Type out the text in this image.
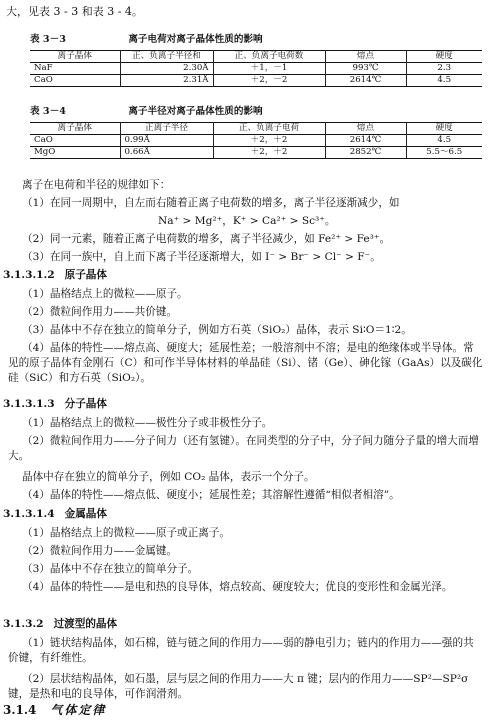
大，见表 3 - 3 和表 3 - 4。
表 3－3	离子电荷对离子晶体性质的影响
离子晶体	正、负离子半径和	正、负离子电荷数	熔点	硬度
NaF	2.30Å	＋1，－1	993℃	2.3
CaO	2.31Å	＋2，－2	2614℃	4.5
表 3－4	离子半径对离子晶体性质的影响
离子晶体	正离子半径	正、负离子电荷	熔点	硬度
CaO	0.99Å	＋2，＋2	2614℃	4.5
MgO	0.66Å	＋2，＋2	2852℃	5.5～6.5
离子在电荷和半径的规律如下：
（1）在同一周期中，自左而右随着正离子电荷数的增多，离子半径逐渐减少，如
Na⁺ > Mg²⁺，K⁺ > Ca²⁺ > Sc³⁺。
（2）同一元素，随着正离子电荷数的增多，离子半径减少，如 Fe²⁺ > Fe³⁺。
（3）在同一族中，自上而下离子半径逐渐增大，如 I⁻ > Br⁻ > Cl⁻ > F⁻。
3.1.3.1.2 原子晶体
（1）晶格结点上的微粒——原子。
（2）微粒间作用力——共价键。
（3）晶体中不存在独立的简单分子，例如方石英（SiO₂）晶体，表示 Si∶O＝1∶2。
（4）晶体的特性——熔点高、硬度大；延展性差；一般溶剂中不溶；是电的绝缘体或半导体。常见的原子晶体有金刚石（C）和可作半导体材料的单晶硅（Si）、锗（Ge）、砷化镓（GaAs）以及碳化硅（SiC）和方石英（SiO₂）。
3.1.3.1.3 分子晶体
（1）晶格结点上的微粒——极性分子或非极性分子。
（2）微粒间作用力——分子间力（还有氢键）。在同类型的分子中，分子间力随分子量的增大而增大。
晶体中存在独立的简单分子，例如 CO₂ 晶体，表示一个分子。
（4）晶体的特性——熔点低、硬度小；延展性差；其溶解性遵循“相似者相溶”。
3.1.3.1.4 金属晶体
（1）晶格结点上的微粒——原子或正离子。
（2）微粒间作用力——金属键。
（3）晶体中不存在独立的简单分子。
（4）晶体的特性——是电和热的良导体，熔点较高、硬度较大；优良的变形性和金属光泽。
3.1.3.2 过渡型的晶体
（1）链状结构晶体，如石棉，链与链之间的作用力——弱的静电引力；链内的作用力——强的共价键，有纤维性。
（2）层状结构晶体，如石墨，层与层之间的作用力——大 π 键；层内的作用力——SP²—SP²σ 键，是热和电的良导体，可作润滑剂。
3.1.4 气体定律
